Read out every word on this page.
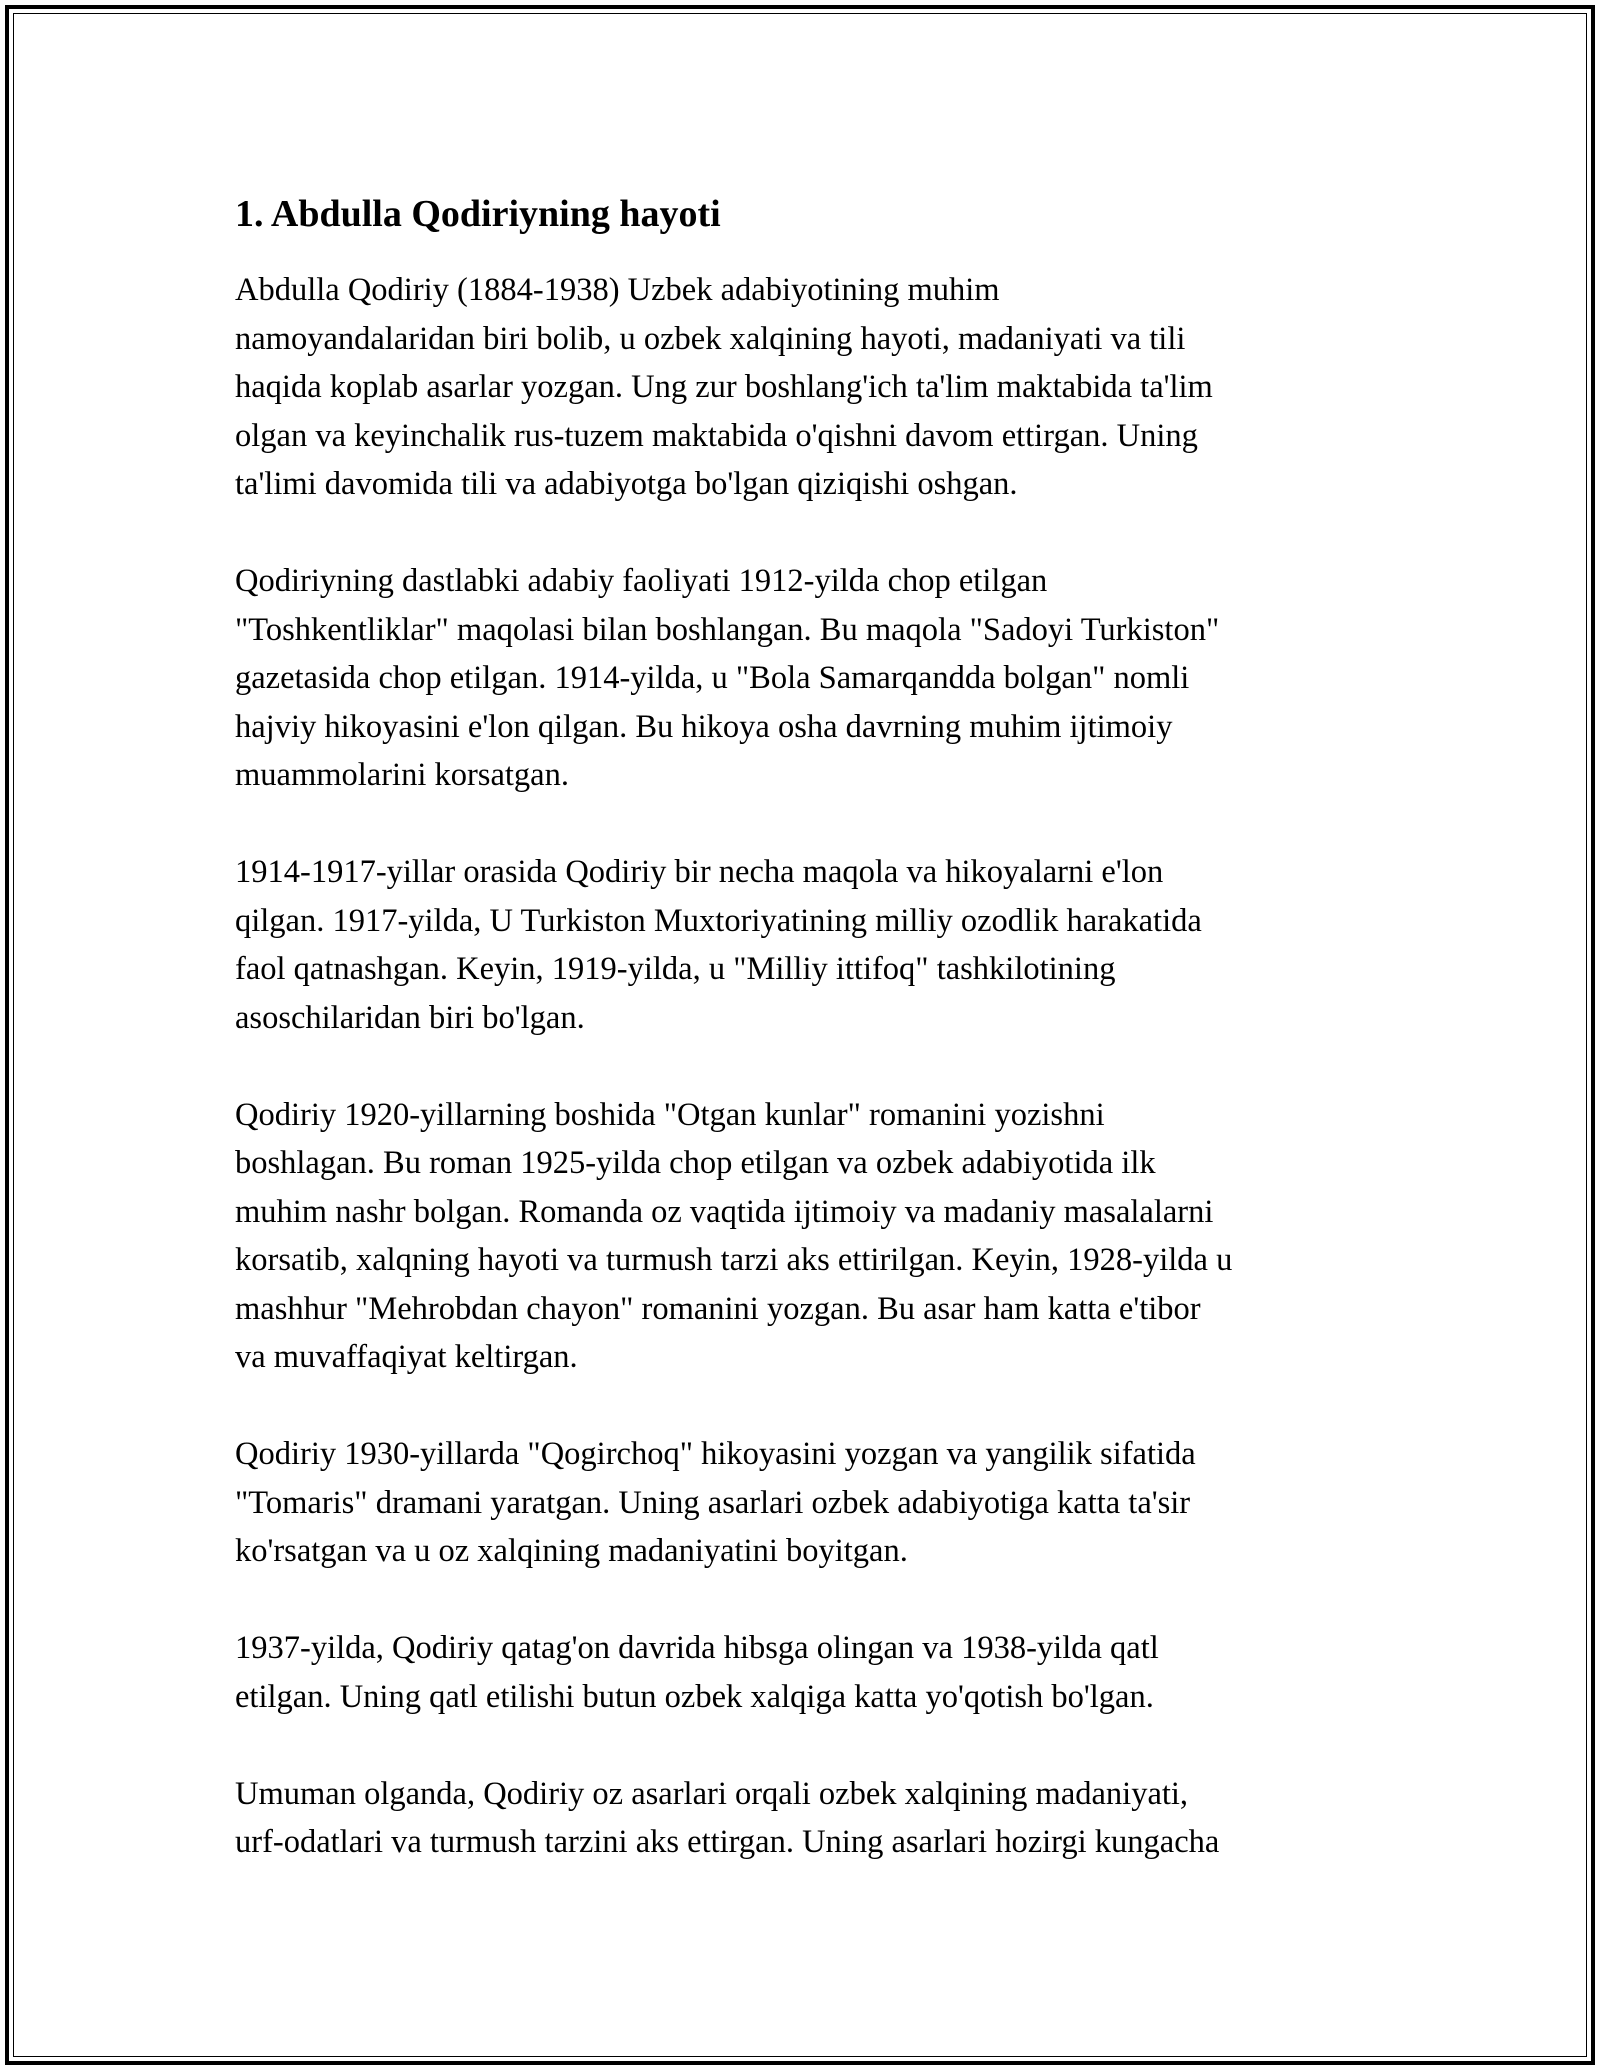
1. Abdulla Qodiriyning hayoti

Abdulla Qodiriy (1884-1938) Uzbek adabiyotining muhim
namoyandalaridan biri bolib, u ozbek xalqining hayoti, madaniyati va tili
haqida koplab asarlar yozgan. Ung zur boshlang'ich ta'lim maktabida ta'lim
olgan va keyinchalik rus-tuzem maktabida o'qishni davom ettirgan. Uning
ta'limi davomida tili va adabiyotga bo'lgan qiziqishi oshgan.

Qodiriyning dastlabki adabiy faoliyati 1912-yilda chop etilgan
"Toshkentliklar" maqolasi bilan boshlangan. Bu maqola "Sadoyi Turkiston"
gazetasida chop etilgan. 1914-yilda, u "Bola Samarqandda bolgan" nomli
hajviy hikoyasini e'lon qilgan. Bu hikoya osha davrning muhim ijtimoiy
muammolarini korsatgan.

1914-1917-yillar orasida Qodiriy bir necha maqola va hikoyalarni e'lon
qilgan. 1917-yilda, U Turkiston Muxtoriyatining milliy ozodlik harakatida
faol qatnashgan. Keyin, 1919-yilda, u "Milliy ittifoq" tashkilotining
asoschilaridan biri bo'lgan.

Qodiriy 1920-yillarning boshida "Otgan kunlar" romanini yozishni
boshlagan. Bu roman 1925-yilda chop etilgan va ozbek adabiyotida ilk
muhim nashr bolgan. Romanda oz vaqtida ijtimoiy va madaniy masalalarni
korsatib, xalqning hayoti va turmush tarzi aks ettirilgan. Keyin, 1928-yilda u
mashhur "Mehrobdan chayon" romanini yozgan. Bu asar ham katta e'tibor
va muvaffaqiyat keltirgan.

Qodiriy 1930-yillarda "Qogirchoq" hikoyasini yozgan va yangilik sifatida
"Tomaris" dramani yaratgan. Uning asarlari ozbek adabiyotiga katta ta'sir
ko'rsatgan va u oz xalqining madaniyatini boyitgan.

1937-yilda, Qodiriy qatag'on davrida hibsga olingan va 1938-yilda qatl
etilgan. Uning qatl etilishi butun ozbek xalqiga katta yo'qotish bo'lgan.

Umuman olganda, Qodiriy oz asarlari orqali ozbek xalqining madaniyati,
urf-odatlari va turmush tarzini aks ettirgan. Uning asarlari hozirgi kungacha
